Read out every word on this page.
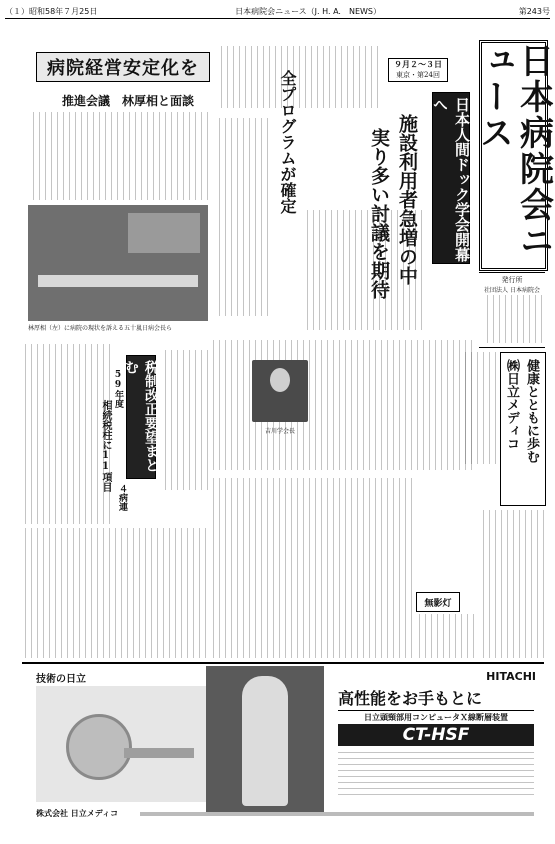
（１）昭和58年７月25日	日本病院会ニュース（J. H. A.　NEWS）	第243号
日本病院会ニュース
発行所
社団法人 日本病院会
健康とともに歩む
㈱日立メディコ
病院経営安定化を
推進会議　林厚相と面談
林厚相（左）に病院の現状を訴える五十嵐日病会長ら
税制改正要望まとむ
59年度
相続税柱に11項目
４病連
９月２〜３日
東京・第24回
日本人間ドック学会開幕へ
施設利用者急増の中
実り多い討議を期待
全プログラムが確定
吉川学会長
無影灯
技術の日立	HITACHI
高性能をお手もとに
日立頭頸部用コンピュータＸ線断層装置
CT-HSF
株式会社 日立メディコ
